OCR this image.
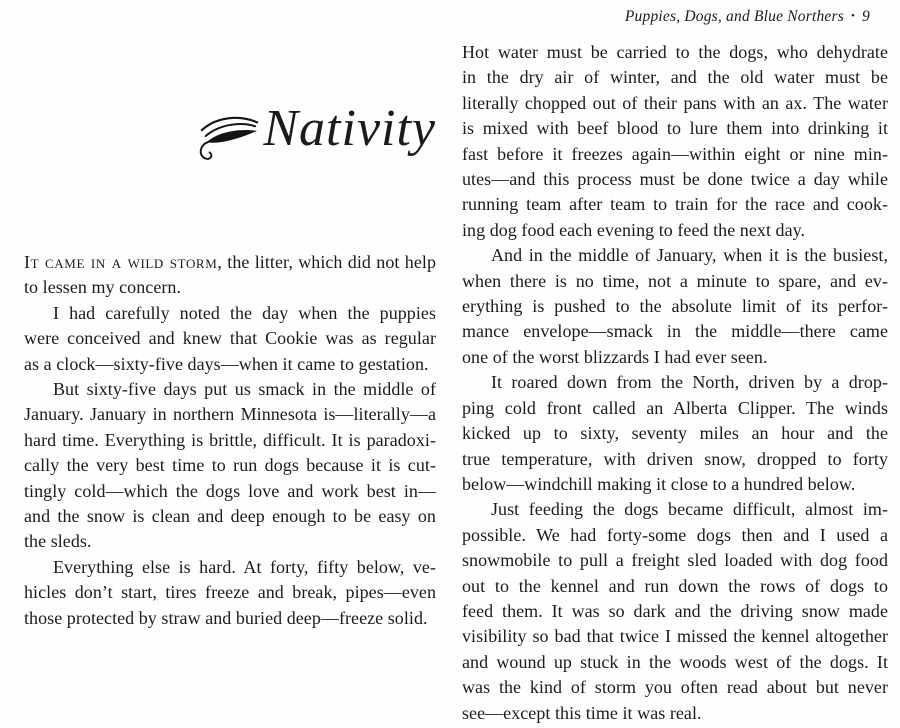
Puppies, Dogs, and Blue Northers • 9
Nativity
It came in a wild storm, the litter, which did not help
to lessen my concern.
I had carefully noted the day when the puppies
were conceived and knew that Cookie was as regular
as a clock—sixty-five days—when it came to gestation.
But sixty-five days put us smack in the middle of
January. January in northern Minnesota is—literally—a
hard time. Everything is brittle, difficult. It is paradoxi-
cally the very best time to run dogs because it is cut-
tingly cold—which the dogs love and work best in—
and the snow is clean and deep enough to be easy on
the sleds.
Everything else is hard. At forty, fifty below, ve-
hicles don’t start, tires freeze and break, pipes—even
those protected by straw and buried deep—freeze solid.
Hot water must be carried to the dogs, who dehydrate
in the dry air of winter, and the old water must be
literally chopped out of their pans with an ax. The water
is mixed with beef blood to lure them into drinking it
fast before it freezes again—within eight or nine min-
utes—and this process must be done twice a day while
running team after team to train for the race and cook-
ing dog food each evening to feed the next day.
And in the middle of January, when it is the busiest,
when there is no time, not a minute to spare, and ev-
erything is pushed to the absolute limit of its perfor-
mance envelope—smack in the middle—there came
one of the worst blizzards I had ever seen.
It roared down from the North, driven by a drop-
ping cold front called an Alberta Clipper. The winds
kicked up to sixty, seventy miles an hour and the
true temperature, with driven snow, dropped to forty
below—windchill making it close to a hundred below.
Just feeding the dogs became difficult, almost im-
possible. We had forty-some dogs then and I used a
snowmobile to pull a freight sled loaded with dog food
out to the kennel and run down the rows of dogs to
feed them. It was so dark and the driving snow made
visibility so bad that twice I missed the kennel altogether
and wound up stuck in the woods west of the dogs. It
was the kind of storm you often read about but never
see—except this time it was real.
